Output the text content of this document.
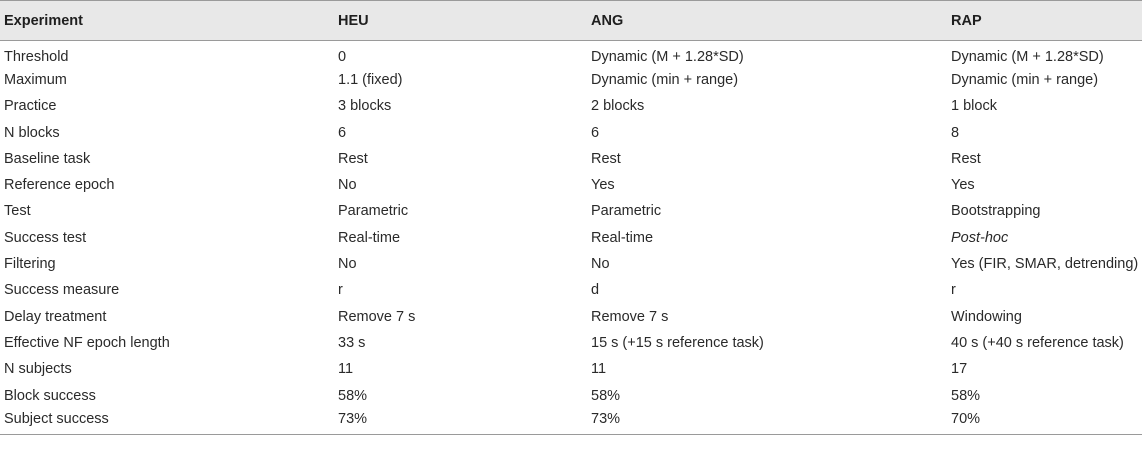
Experiment	HEU	ANG	RAP
Threshold	0	Dynamic (M + 1.28*SD)	Dynamic (M + 1.28*SD)
Maximum	1.1 (fixed)	Dynamic (min + range)	Dynamic (min + range)
Practice	3 blocks	2 blocks	1 block
N blocks	6	6	8
Baseline task	Rest	Rest	Rest
Reference epoch	No	Yes	Yes
Test	Parametric	Parametric	Bootstrapping
Success test	Real-time	Real-time	Post-hoc
Filtering	No	No	Yes (FIR, SMAR, detrending)
Success measure	r	d	r
Delay treatment	Remove 7 s	Remove 7 s	Windowing
Effective NF epoch length	33 s	15 s (+15 s reference task)	40 s (+40 s reference task)
N subjects	11	11	17
Block success	58%	58%	58%
Subject success	73%	73%	70%
